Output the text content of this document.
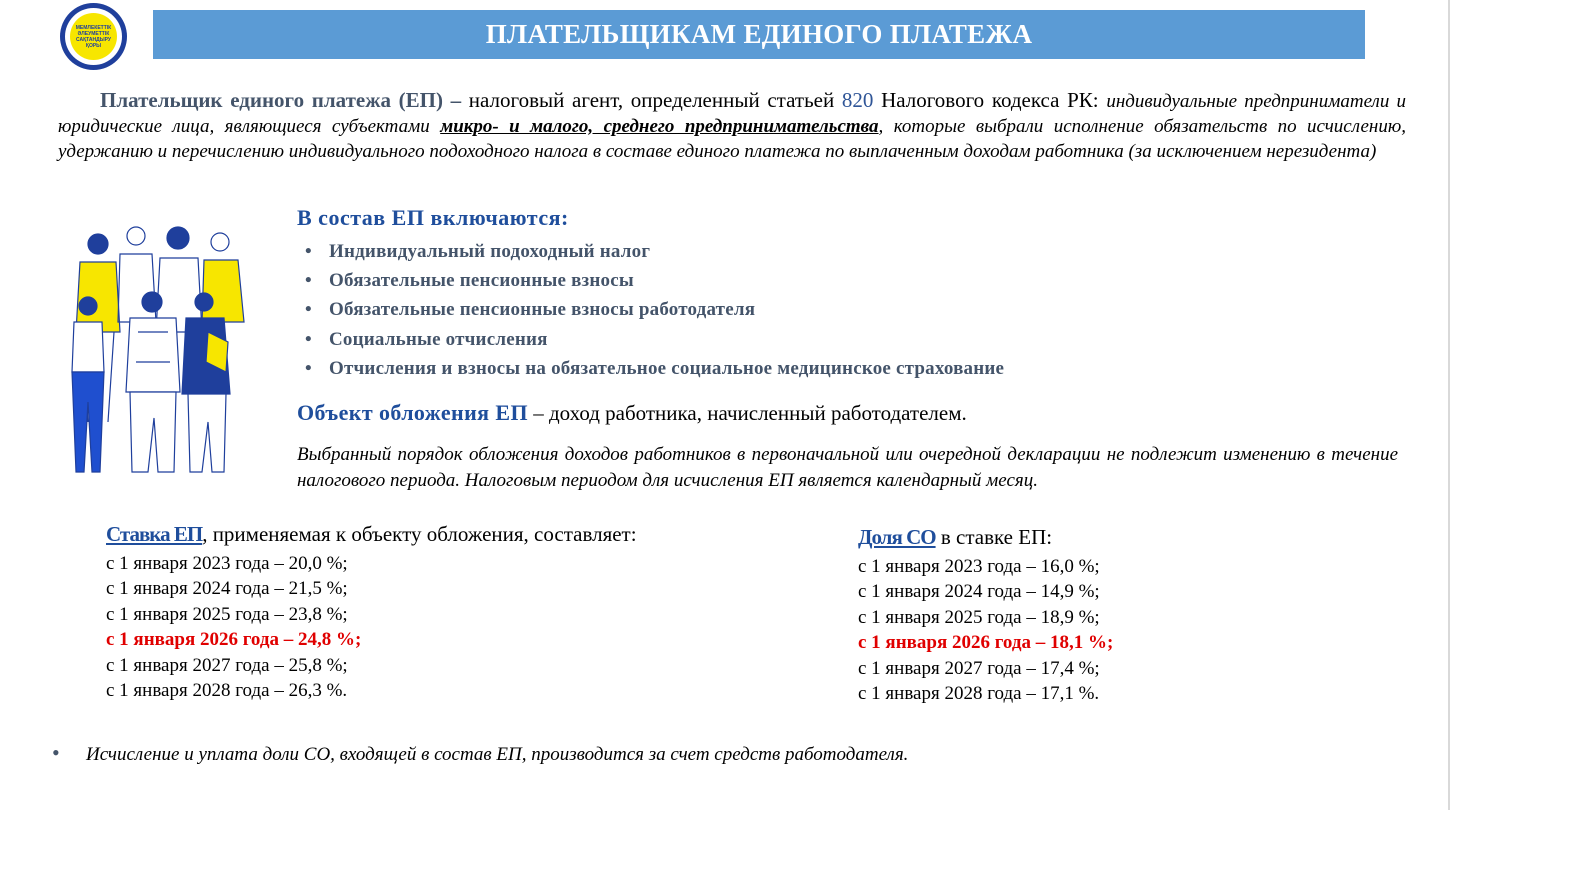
МЕМЛЕКЕТТІК ӘЛЕУМЕТТІК САҚТАНДЫРУ ҚОРЫ	ПЛАТЕЛЬЩИКАМ ЕДИНОГО ПЛАТЕЖА
Плательщик единого платежа (ЕП) – налоговый агент, определенный статьей 820 Налогового кодекса РК: индивидуальные предприниматели и юридические лица, являющиеся субъектами микро- и малого, среднего предпринимательства, которые выбрали исполнение обязательств по исчислению, удержанию и перечислению индивидуального подоходного налога в составе единого платежа по выплаченным доходам работника (за исключением нерезидента)
В состав ЕП включаются:
• Индивидуальный подоходный налог
• Обязательные пенсионные взносы
• Обязательные пенсионные взносы работодателя
• Социальные отчисления
• Отчисления и взносы на обязательное социальное медицинское страхование
Объект обложения ЕП – доход работника, начисленный работодателем.
Выбранный порядок обложения доходов работников в первоначальной или очередной декларации не подлежит изменению в течение налогового периода. Налоговым периодом для исчисления ЕП является календарный месяц.
Ставка ЕП, применяемая к объекту обложения, составляет:
с 1 января 2023 года – 20,0 %;
с 1 января 2024 года – 21,5 %;
с 1 января 2025 года – 23,8 %;
с 1 января 2026 года – 24,8 %;
с 1 января 2027 года – 25,8 %;
с 1 января 2028 года – 26,3 %.
Доля СО в ставке ЕП:
с 1 января 2023 года – 16,0 %;
с 1 января 2024 года – 14,9 %;
с 1 января 2025 года – 18,9 %;
с 1 января 2026 года – 18,1 %;
с 1 января 2027 года – 17,4 %;
с 1 января 2028 года – 17,1 %.
• Исчисление и уплата доли СО, входящей в состав ЕП, производится за счет средств работодателя.
